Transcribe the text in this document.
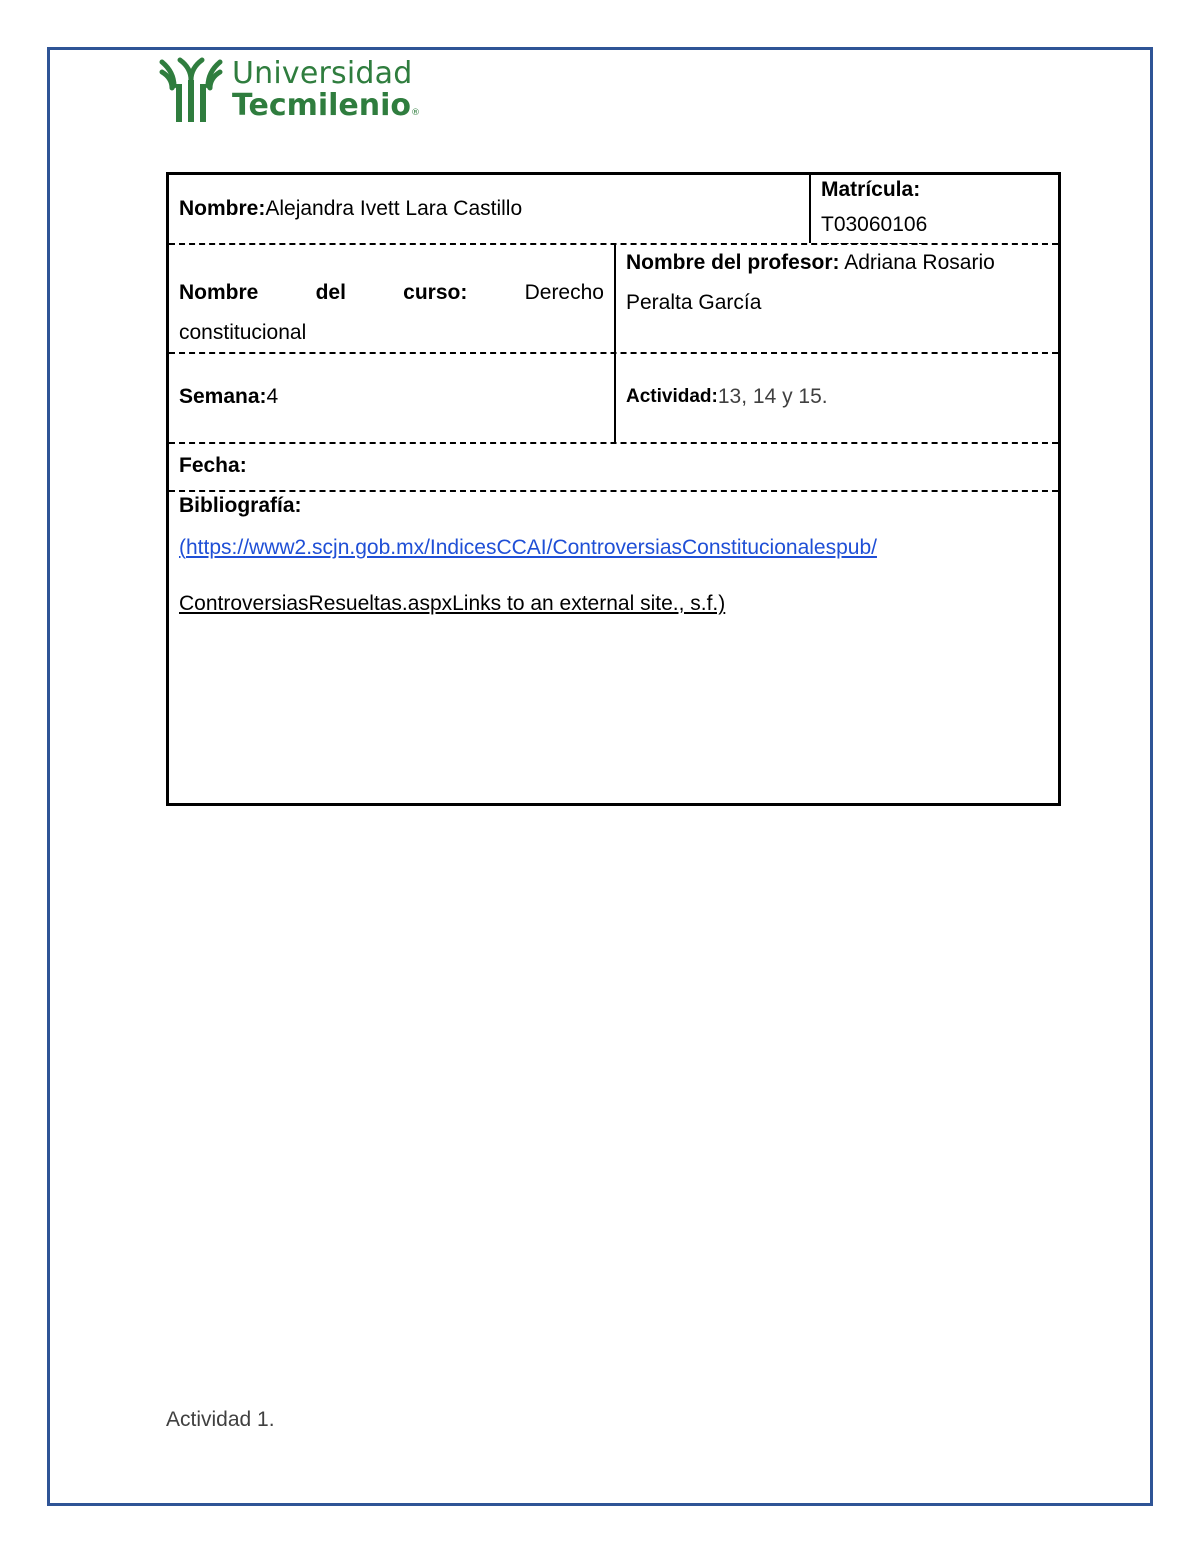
Universidad
Tecmilenio®
Nombre: Alejandra Ivett Lara Castillo
Matrícula:
T03060106
Nombre	del	curso:	Derecho
constitucional
Nombre del profesor: Adriana Rosario
Peralta García
Semana: 4	Actividad: 13, 14 y 15.
Fecha:
Bibliografía:
(https://www2.scjn.gob.mx/IndicesCCAI/ControversiasConstitucionalespub/
ControversiasResueltas.aspxLinks to an external site., s.f.)
Actividad 1.
